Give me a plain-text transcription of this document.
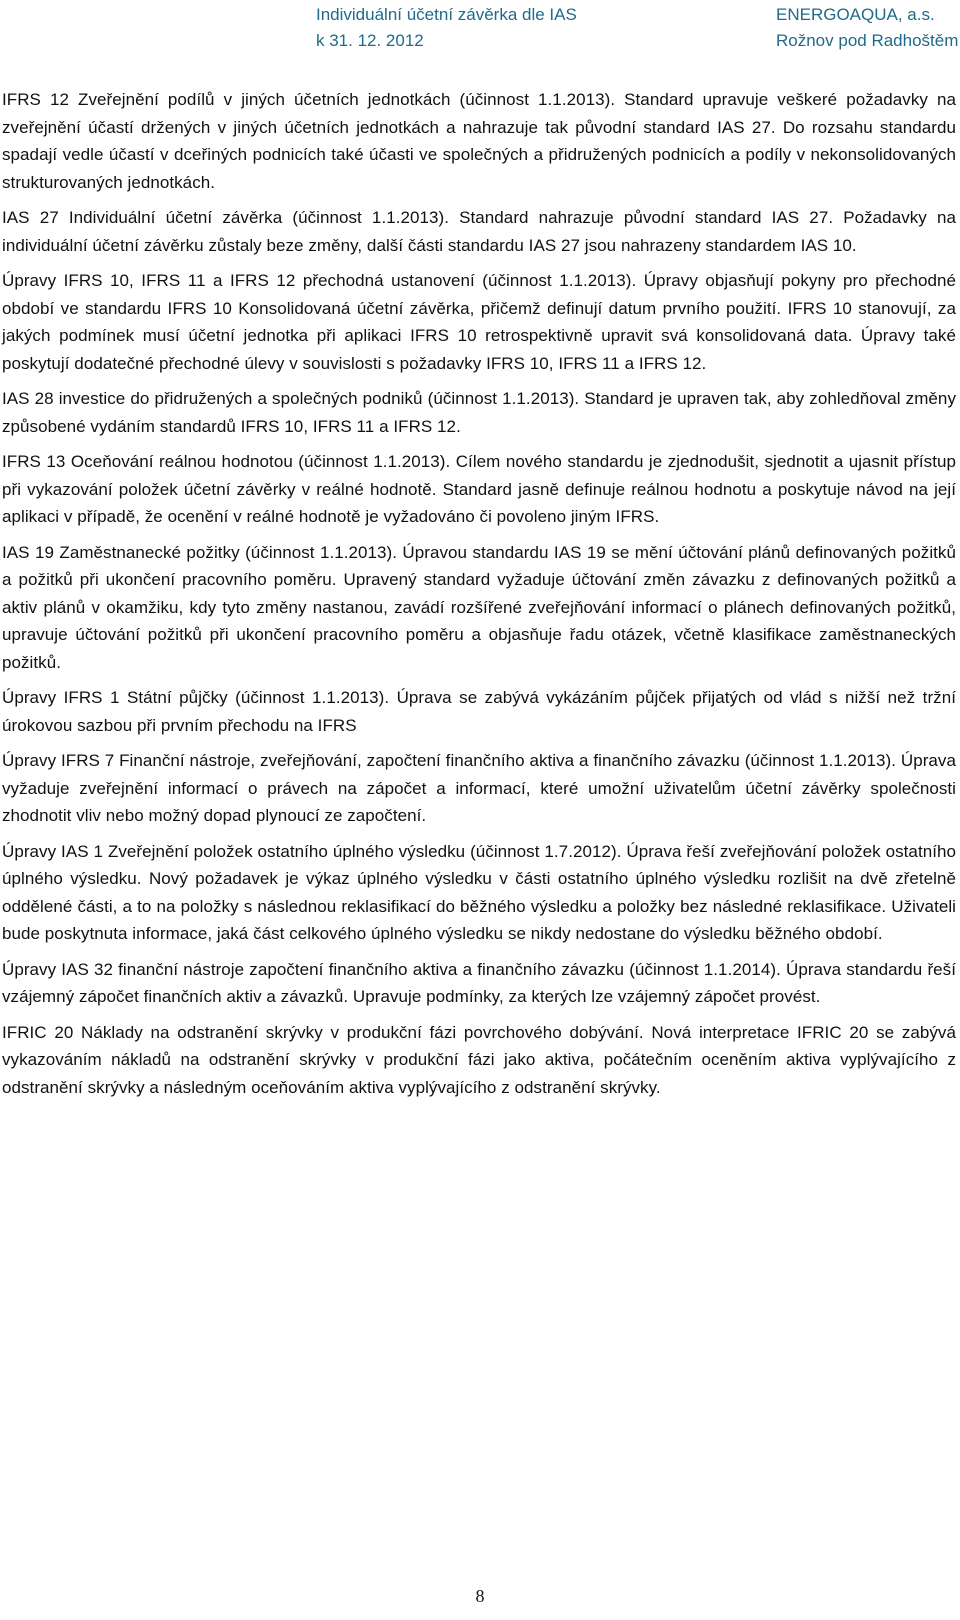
Individuální účetní závěrka dle IAS
k 31. 12. 2012
ENERGOAQUA, a.s.
Rožnov pod Radhoštěm

IFRS 12 Zveřejnění podílů v jiných účetních jednotkách (účinnost 1.1.2013). Standard upravuje veškeré požadavky na zveřejnění účastí držených v jiných účetních jednotkách a nahrazuje tak původní standard IAS 27. Do rozsahu standardu spadají vedle účastí v dceřiných podnicích také účasti ve společných a přidružených podnicích a podíly v nekonsolidovaných strukturovaných jednotkách.

IAS 27 Individuální účetní závěrka (účinnost 1.1.2013). Standard nahrazuje původní standard IAS 27. Požadavky na individuální účetní závěrku zůstaly beze změny, další části standardu IAS 27 jsou nahrazeny standardem IAS 10.

Úpravy IFRS 10, IFRS 11 a IFRS 12 přechodná ustanovení (účinnost 1.1.2013). Úpravy objasňují pokyny pro přechodné období ve standardu IFRS 10 Konsolidovaná účetní závěrka, přičemž definují datum prvního použití. IFRS 10 stanovují, za jakých podmínek musí účetní jednotka při aplikaci IFRS 10 retrospektivně upravit svá konsolidovaná data. Úpravy také poskytují dodatečné přechodné úlevy v souvislosti s požadavky IFRS 10, IFRS 11 a IFRS 12.

IAS 28 investice do přidružených a společných podniků (účinnost 1.1.2013). Standard je upraven tak, aby zohledňoval změny způsobené vydáním standardů IFRS 10, IFRS 11 a IFRS 12.

IFRS 13 Oceňování reálnou hodnotou (účinnost 1.1.2013). Cílem nového standardu je zjednodušit, sjednotit a ujasnit přístup při vykazování položek účetní závěrky v reálné hodnotě. Standard jasně definuje reálnou hodnotu a poskytuje návod na její aplikaci v případě, že ocenění v reálné hodnotě je vyžadováno či povoleno jiným IFRS.

IAS 19 Zaměstnanecké požitky (účinnost 1.1.2013). Úpravou standardu IAS 19 se mění účtování plánů definovaných požitků a požitků při ukončení pracovního poměru. Upravený standard vyžaduje účtování změn závazku z definovaných požitků a aktiv plánů v okamžiku, kdy tyto změny nastanou, zavádí rozšířené zveřejňování informací o plánech definovaných požitků, upravuje účtování požitků při ukončení pracovního poměru a objasňuje řadu otázek, včetně klasifikace zaměstnaneckých požitků.

Úpravy IFRS 1 Státní půjčky (účinnost 1.1.2013). Úprava se zabývá vykázáním půjček přijatých od vlád s nižší než tržní úrokovou sazbou při prvním přechodu na IFRS

Úpravy IFRS 7 Finanční nástroje, zveřejňování, započtení finančního aktiva a finančního závazku (účinnost 1.1.2013). Úprava vyžaduje zveřejnění informací o právech na zápočet a informací, které umožní uživatelům účetní závěrky společnosti zhodnotit vliv nebo možný dopad plynoucí ze započtení.

Úpravy IAS 1 Zveřejnění položek ostatního úplného výsledku (účinnost 1.7.2012). Úprava řeší zveřejňování položek ostatního úplného výsledku. Nový požadavek je výkaz úplného výsledku v části ostatního úplného výsledku rozlišit na dvě zřetelně oddělené části, a to na položky s následnou reklasifikací do běžného výsledku a položky bez následné reklasifikace. Uživateli bude poskytnuta informace, jaká část celkového úplného výsledku se nikdy nedostane do výsledku běžného období.

Úpravy IAS 32 finanční nástroje započtení finančního aktiva a finančního závazku (účinnost 1.1.2014). Úprava standardu řeší vzájemný zápočet finančních aktiv a závazků. Upravuje podmínky, za kterých lze vzájemný zápočet provést.

IFRIC 20 Náklady na odstranění skrývky v produkční fázi povrchového dobývání. Nová interpretace IFRIC 20 se zabývá vykazováním nákladů na odstranění skrývky v produkční fázi jako aktiva, počátečním oceněním aktiva vyplývajícího z odstranění skrývky a následným oceňováním aktiva vyplývajícího z odstranění skrývky.

8
